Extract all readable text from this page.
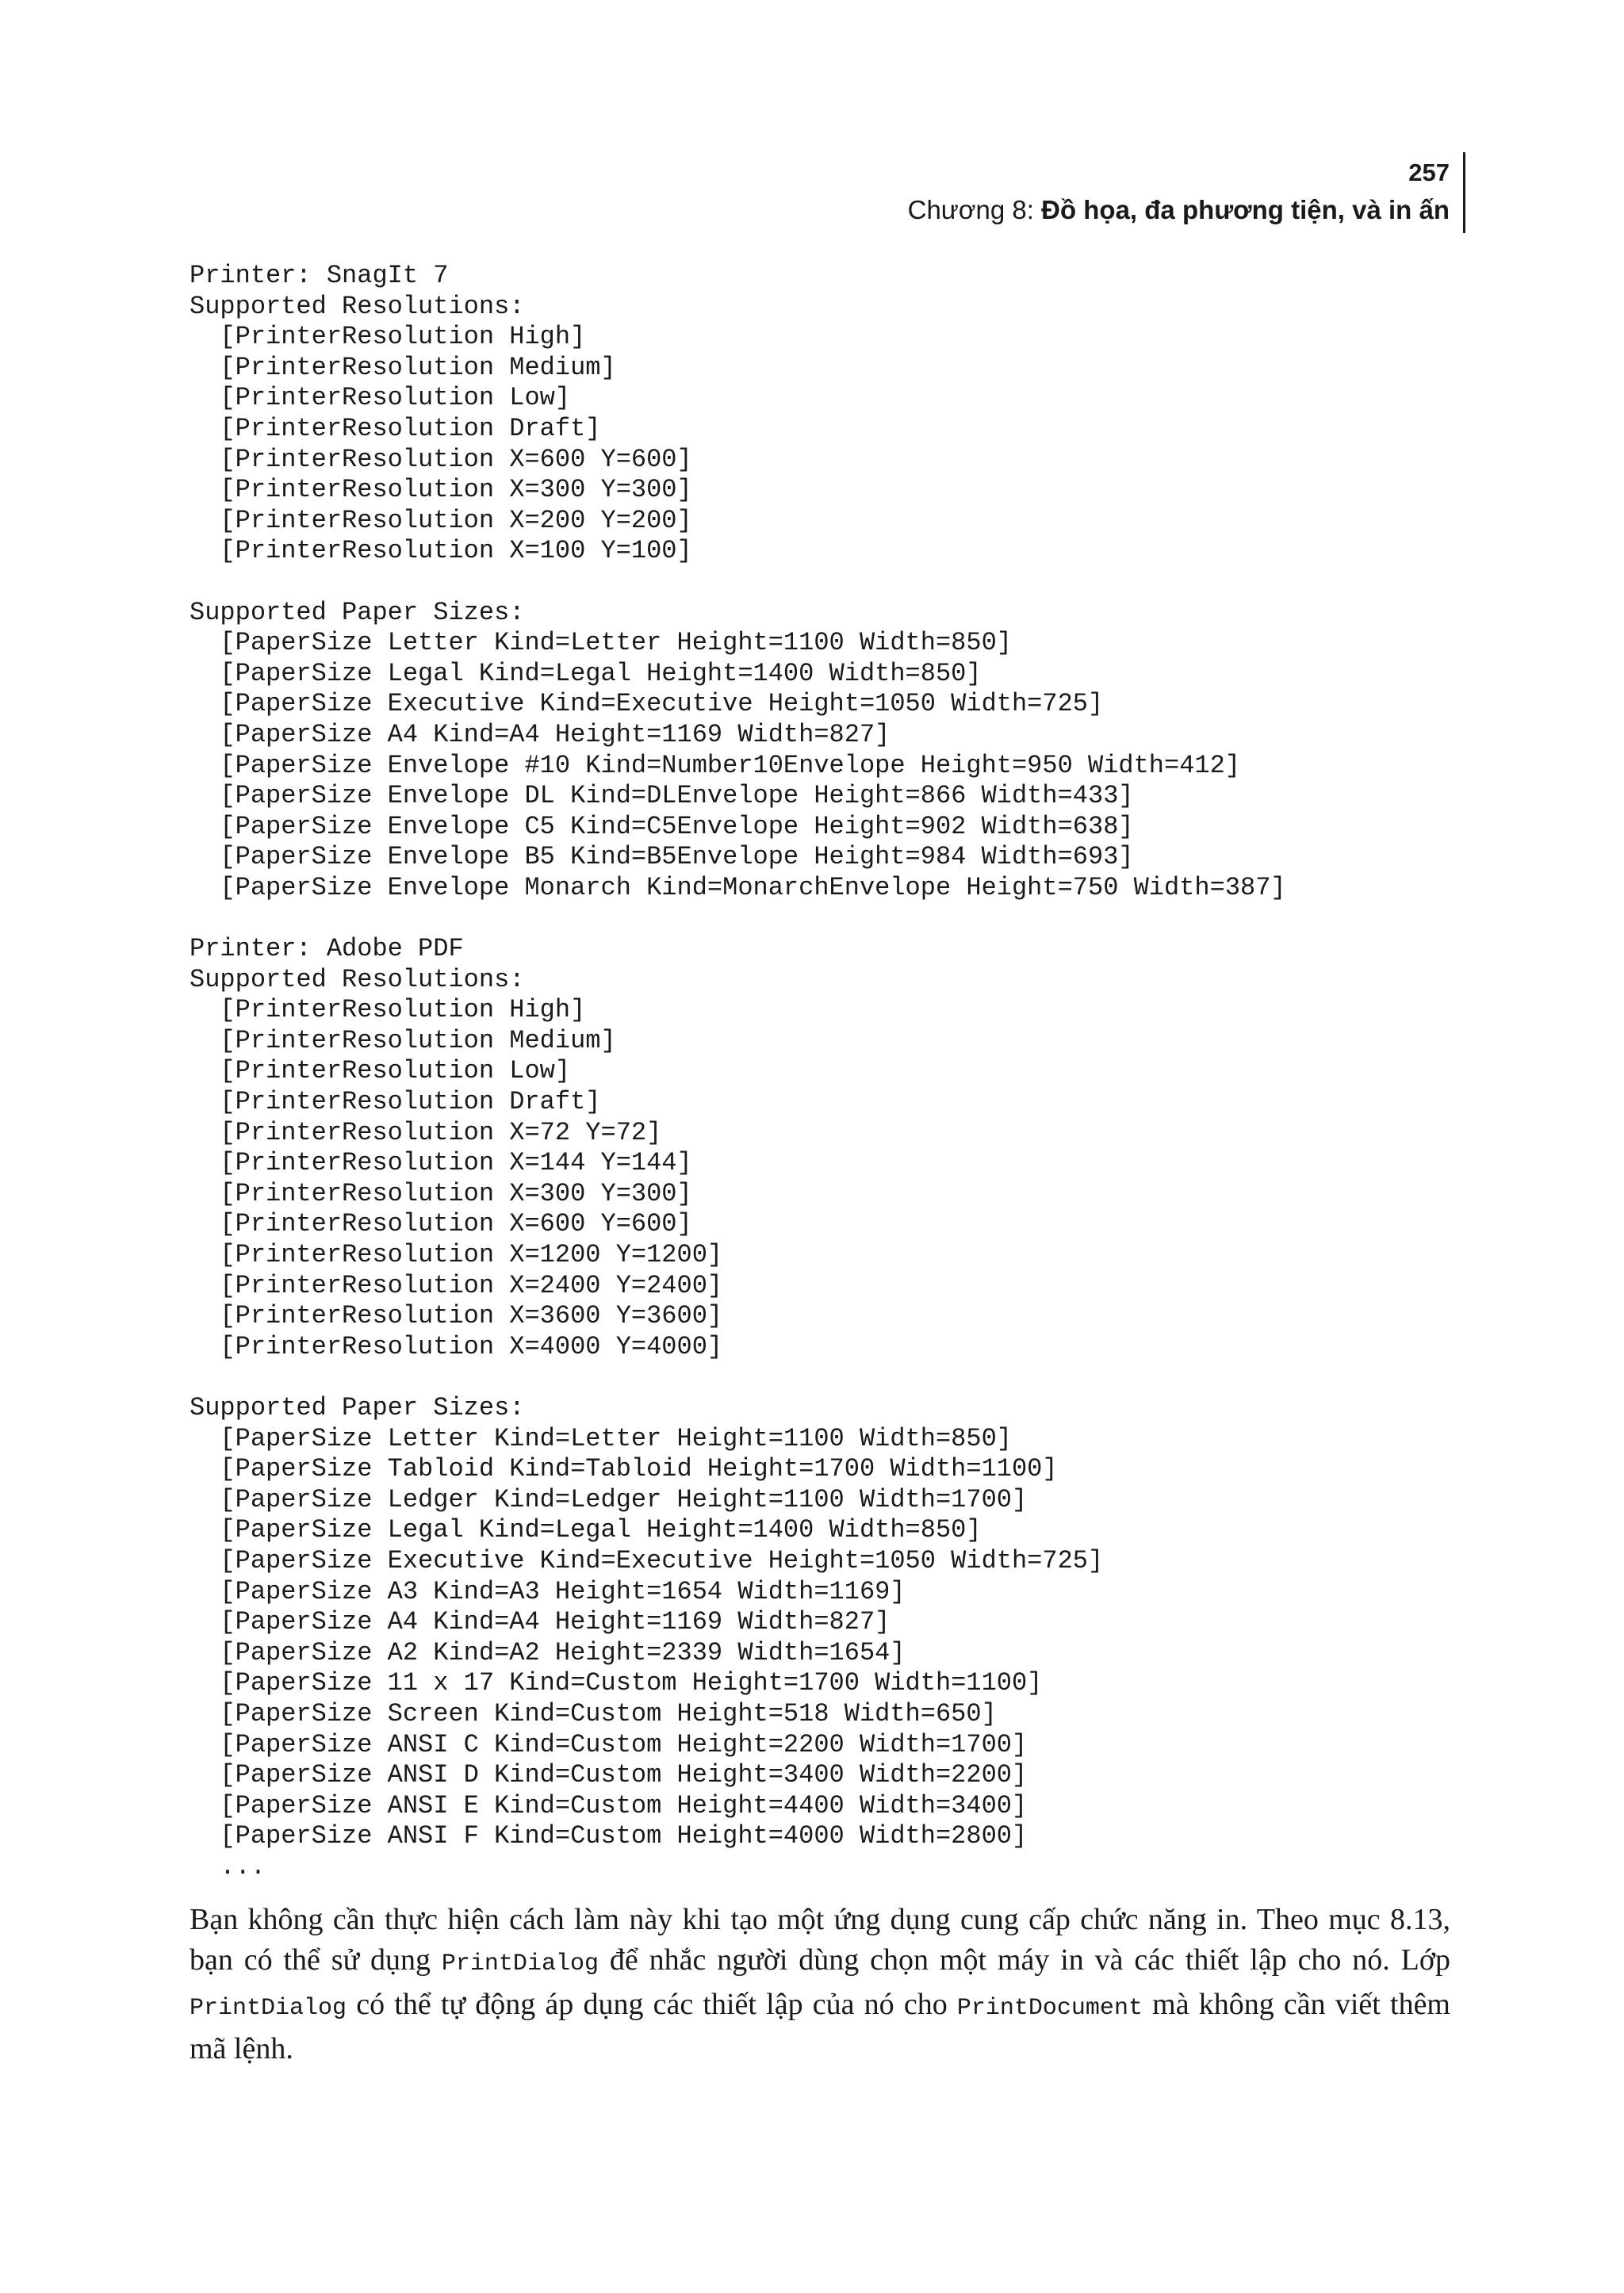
257
Chương 8: Đồ họa, đa phương tiện, và in ấn
Printer: SnagIt 7
Supported Resolutions:
[PrinterResolution High]
[PrinterResolution Medium]
[PrinterResolution Low]
[PrinterResolution Draft]
[PrinterResolution X=600 Y=600]
[PrinterResolution X=300 Y=300]
[PrinterResolution X=200 Y=200]
[PrinterResolution X=100 Y=100]
Supported Paper Sizes:
[PaperSize Letter Kind=Letter Height=1100 Width=850]
[PaperSize Legal Kind=Legal Height=1400 Width=850]
[PaperSize Executive Kind=Executive Height=1050 Width=725]
[PaperSize A4 Kind=A4 Height=1169 Width=827]
[PaperSize Envelope #10 Kind=Number10Envelope Height=950 Width=412]
[PaperSize Envelope DL Kind=DLEnvelope Height=866 Width=433]
[PaperSize Envelope C5 Kind=C5Envelope Height=902 Width=638]
[PaperSize Envelope B5 Kind=B5Envelope Height=984 Width=693]
[PaperSize Envelope Monarch Kind=MonarchEnvelope Height=750 Width=387]
Printer: Adobe PDF
Supported Resolutions:
[PrinterResolution High]
[PrinterResolution Medium]
[PrinterResolution Low]
[PrinterResolution Draft]
[PrinterResolution X=72 Y=72]
[PrinterResolution X=144 Y=144]
[PrinterResolution X=300 Y=300]
[PrinterResolution X=600 Y=600]
[PrinterResolution X=1200 Y=1200]
[PrinterResolution X=2400 Y=2400]
[PrinterResolution X=3600 Y=3600]
[PrinterResolution X=4000 Y=4000]
Supported Paper Sizes:
[PaperSize Letter Kind=Letter Height=1100 Width=850]
[PaperSize Tabloid Kind=Tabloid Height=1700 Width=1100]
[PaperSize Ledger Kind=Ledger Height=1100 Width=1700]
[PaperSize Legal Kind=Legal Height=1400 Width=850]
[PaperSize Executive Kind=Executive Height=1050 Width=725]
[PaperSize A3 Kind=A3 Height=1654 Width=1169]
[PaperSize A4 Kind=A4 Height=1169 Width=827]
[PaperSize A2 Kind=A2 Height=2339 Width=1654]
[PaperSize 11 x 17 Kind=Custom Height=1700 Width=1100]
[PaperSize Screen Kind=Custom Height=518 Width=650]
[PaperSize ANSI C Kind=Custom Height=2200 Width=1700]
[PaperSize ANSI D Kind=Custom Height=3400 Width=2200]
[PaperSize ANSI E Kind=Custom Height=4400 Width=3400]
[PaperSize ANSI F Kind=Custom Height=4000 Width=2800]
...

Bạn không cần thực hiện cách làm này khi tạo một ứng dụng cung cấp chức năng in. Theo mục 8.13, bạn có thể sử dụng PrintDialog để nhắc người dùng chọn một máy in và các thiết lập cho nó. Lớp PrintDialog có thể tự động áp dụng các thiết lập của nó cho PrintDocument mà không cần viết thêm mã lệnh.
